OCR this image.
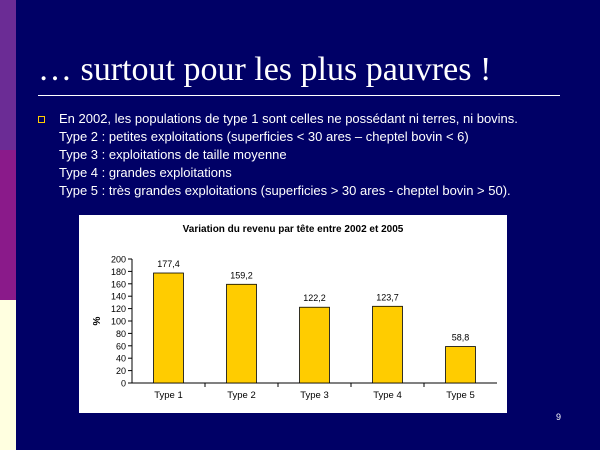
… surtout pour les plus pauvres !
En 2002, les populations de type 1 sont celles ne possédant ni terres, ni bovins.
Type 2 : petites exploitations (superficies < 30 ares – cheptel bovin < 6)
Type 3 : exploitations de taille moyenne
Type 4 : grandes exploitations
Type 5 : très grandes exploitations (superficies > 30 ares - cheptel bovin > 50).
Variation du revenu par tête entre 2002 et 2005
0
20
40
60
80
100
120
140
160
180
200
%
177,4
Type 1
159,2
Type 2
122,2
Type 3
123,7
Type 4
58,8
Type 5
9
